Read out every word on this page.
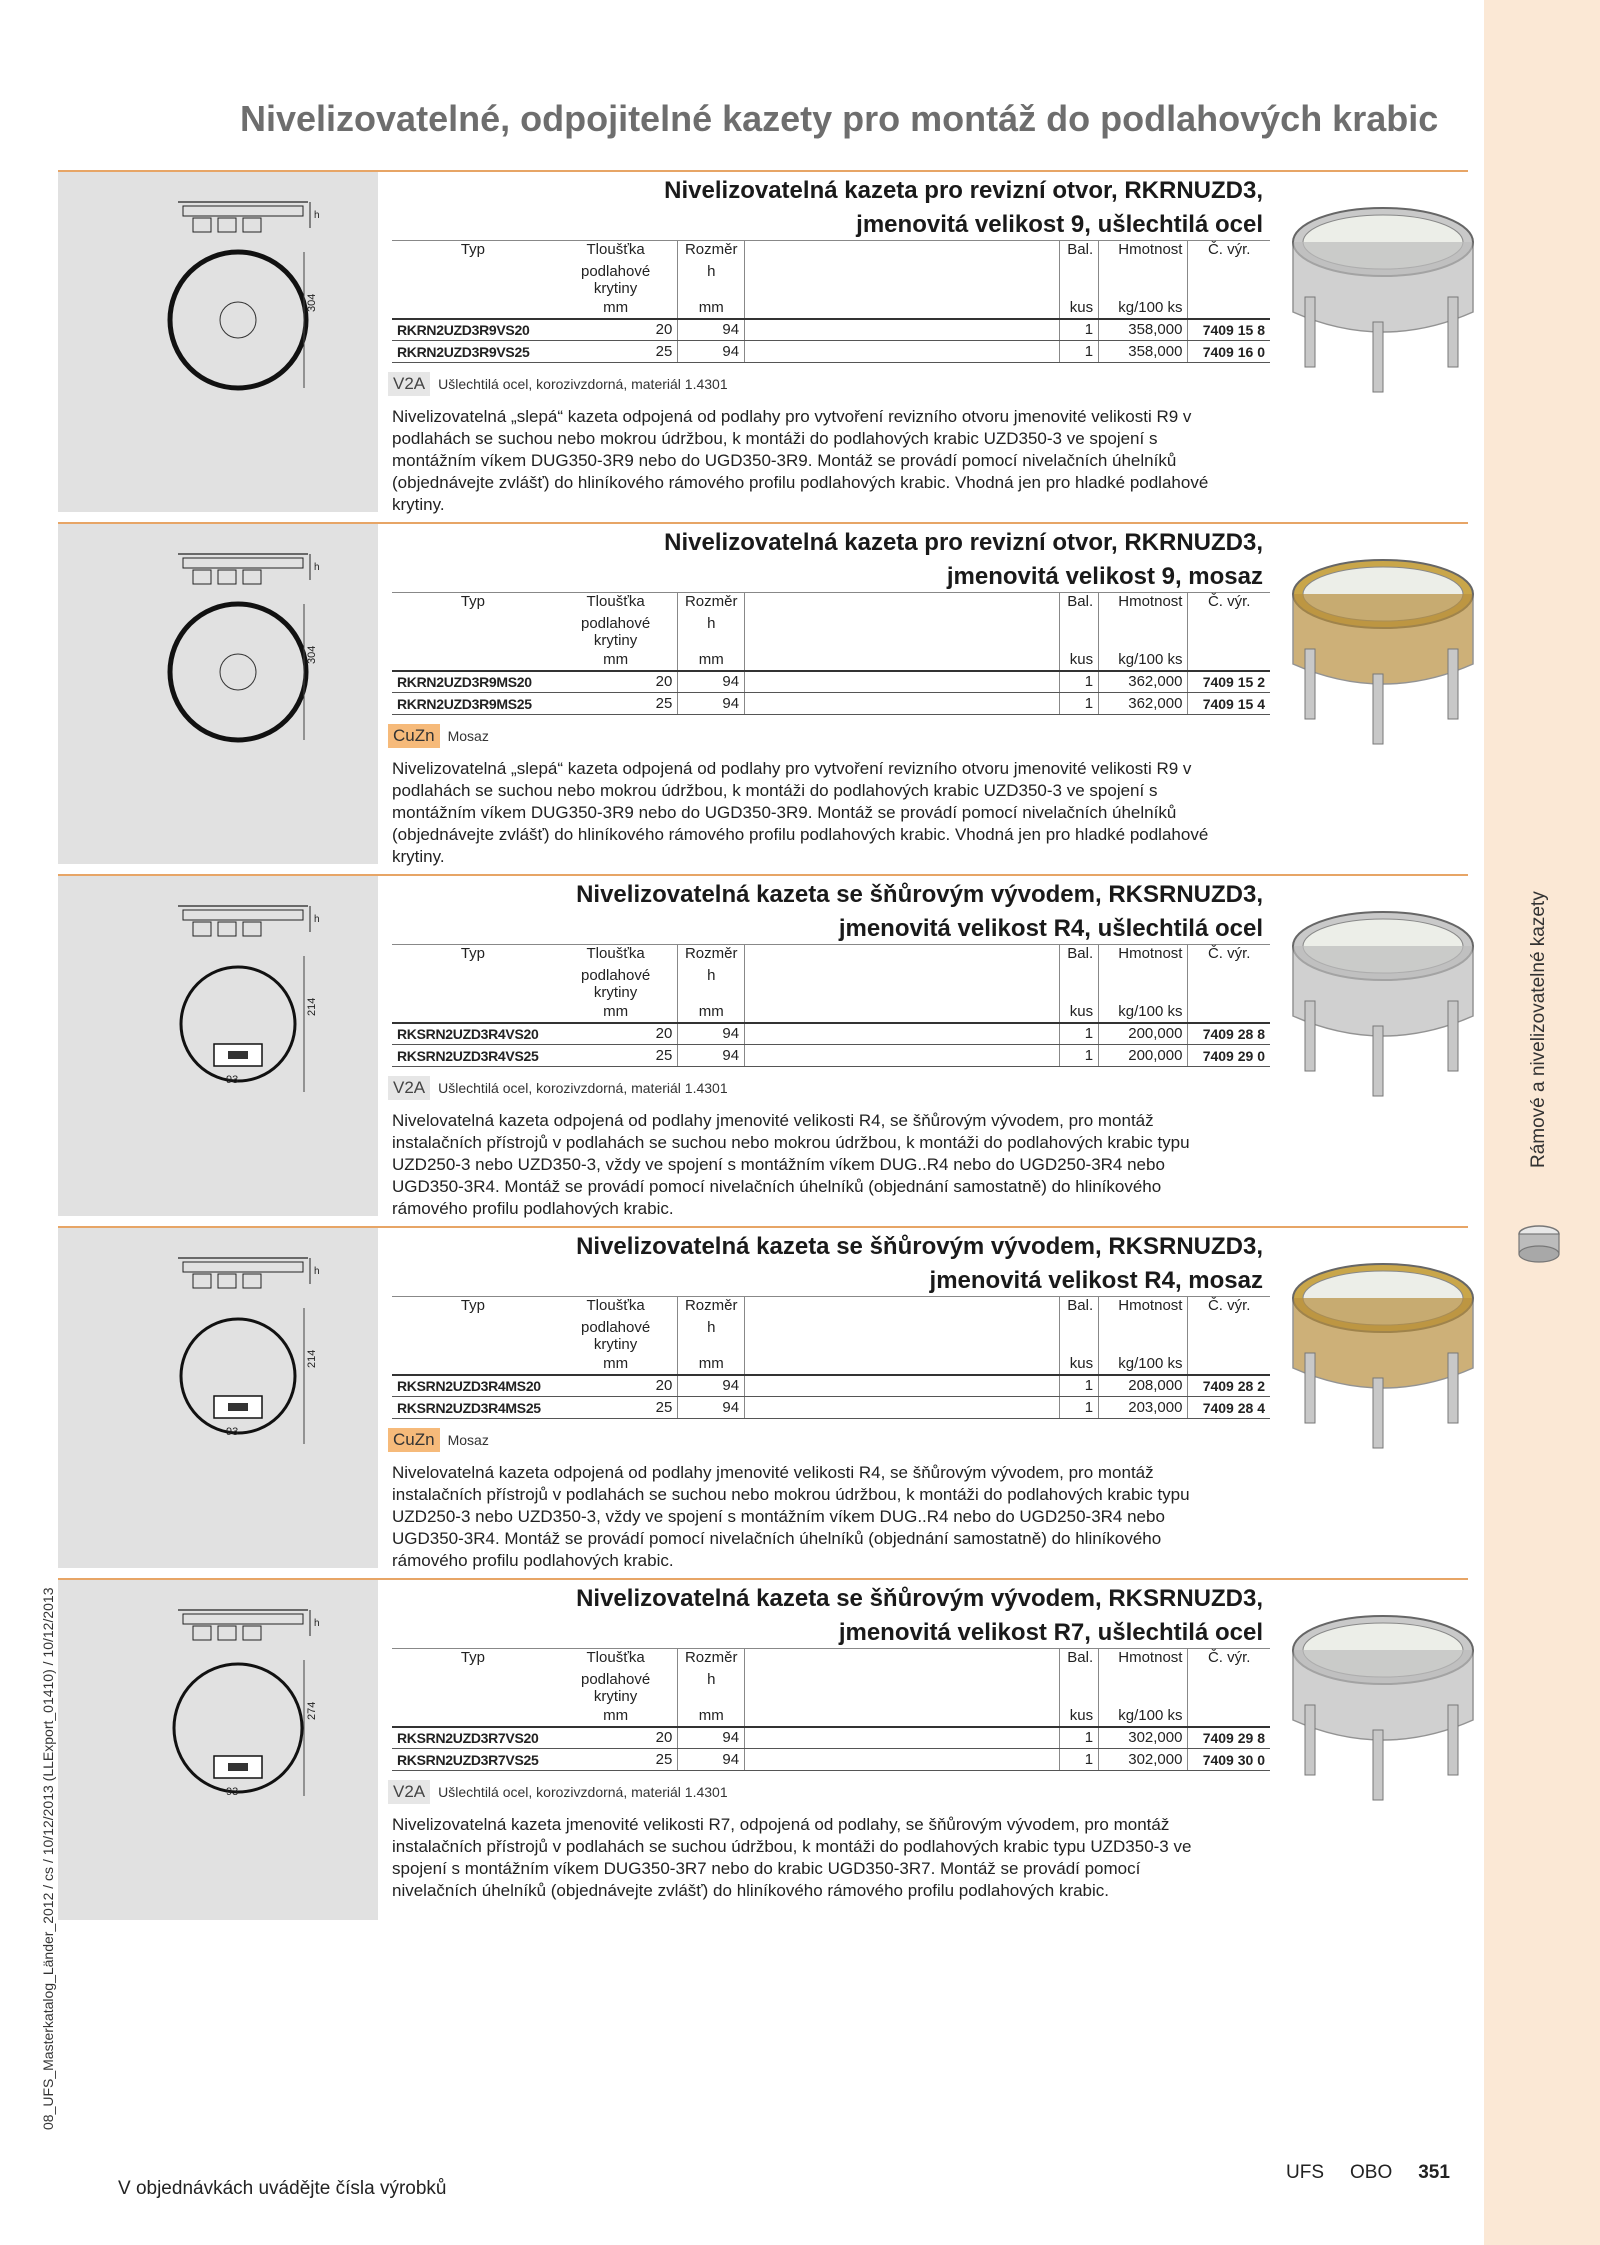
Rámové a nivelizovatelné kazety
08_UFS_Masterkatalog_Länder_2012 / cs / 10/12/2013 (LLExport_01410) / 10/12/2013
Nivelizovatelné, odpojitelné kazety pro montáž do podlahových krabic
h
304
Nivelizovatelná kazeta pro revizní otvor, RKRNUZD3,
jmenovitá velikost 9, ušlechtilá ocel
Typ	Tloušťka	Rozměr		Bal.	Hmotnost	Č. výr.
	podlahové krytiny	h				
	mm	mm		kus	kg/100 ks	
RKRN2UZD3R9VS20	20	94		1	358,000	7409 15 8
RKRN2UZD3R9VS25	25	94		1	358,000	7409 16 0
V2A Ušlechtilá ocel, korozivzdorná, materiál 1.4301
Nivelizovatelná „slepá“ kazeta odpojená od podlahy pro vytvoření revizního otvoru jmenovité velikosti R9 v podlahách se suchou nebo mokrou údržbou, k montáži do podlahových krabic UZD350-3 ve spojení s montážním víkem DUG350-3R9 nebo do UGD350-3R9. Montáž se provádí pomocí nivelačních úhelníků (objednávejte zvlášť) do hliníkového rámového profilu podlahových krabic. Vhodná jen pro hladké podlahové krytiny.
h
304
Nivelizovatelná kazeta pro revizní otvor, RKRNUZD3,
jmenovitá velikost 9, mosaz
Typ	Tloušťka	Rozměr		Bal.	Hmotnost	Č. výr.
	podlahové krytiny	h				
	mm	mm		kus	kg/100 ks	
RKRN2UZD3R9MS20	20	94		1	362,000	7409 15 2
RKRN2UZD3R9MS25	25	94		1	362,000	7409 15 4
CuZn Mosaz
Nivelizovatelná „slepá“ kazeta odpojená od podlahy pro vytvoření revizního otvoru jmenovité velikosti R9 v podlahách se suchou nebo mokrou údržbou, k montáži do podlahových krabic UZD350-3 ve spojení s montážním víkem DUG350-3R9 nebo do UGD350-3R9. Montáž se provádí pomocí nivelačních úhelníků (objednávejte zvlášť) do hliníkového rámového profilu podlahových krabic. Vhodná jen pro hladké podlahové krytiny.
h
214
93
Nivelizovatelná kazeta se šňůrovým vývodem, RKSRNUZD3,
jmenovitá velikost R4, ušlechtilá ocel
Typ	Tloušťka	Rozměr		Bal.	Hmotnost	Č. výr.
	podlahové krytiny	h				
	mm	mm		kus	kg/100 ks	
RKSRN2UZD3R4VS20	20	94		1	200,000	7409 28 8
RKSRN2UZD3R4VS25	25	94		1	200,000	7409 29 0
V2A Ušlechtilá ocel, korozivzdorná, materiál 1.4301
Nivelovatelná kazeta odpojená od podlahy jmenovité velikosti R4, se šňůrovým vývodem, pro montáž instalačních přístrojů v podlahách se suchou nebo mokrou údržbou, k montáži do podlahových krabic typu UZD250-3 nebo UZD350-3, vždy ve spojení s montážním víkem DUG..R4 nebo do UGD250-3R4 nebo UGD350-3R4. Montáž se provádí pomocí nivelačních úhelníků (objednání samostatně) do hliníkového rámového profilu podlahových krabic.
h
214
93
Nivelizovatelná kazeta se šňůrovým vývodem, RKSRNUZD3,
jmenovitá velikost R4, mosaz
Typ	Tloušťka	Rozměr		Bal.	Hmotnost	Č. výr.
	podlahové krytiny	h				
	mm	mm		kus	kg/100 ks	
RKSRN2UZD3R4MS20	20	94		1	208,000	7409 28 2
RKSRN2UZD3R4MS25	25	94		1	203,000	7409 28 4
CuZn Mosaz
Nivelovatelná kazeta odpojená od podlahy jmenovité velikosti R4, se šňůrovým vývodem, pro montáž instalačních přístrojů v podlahách se suchou nebo mokrou údržbou, k montáži do podlahových krabic typu UZD250-3 nebo UZD350-3, vždy ve spojení s montážním víkem DUG..R4 nebo do UGD250-3R4 nebo UGD350-3R4. Montáž se provádí pomocí nivelačních úhelníků (objednání samostatně) do hliníkového rámového profilu podlahových krabic.
h
274
93
Nivelizovatelná kazeta se šňůrovým vývodem, RKSRNUZD3,
jmenovitá velikost R7, ušlechtilá ocel
Typ	Tloušťka	Rozměr		Bal.	Hmotnost	Č. výr.
	podlahové krytiny	h				
	mm	mm		kus	kg/100 ks	
RKSRN2UZD3R7VS20	20	94		1	302,000	7409 29 8
RKSRN2UZD3R7VS25	25	94		1	302,000	7409 30 0
V2A Ušlechtilá ocel, korozivzdorná, materiál 1.4301
Nivelizovatelná kazeta jmenovité velikosti R7, odpojená od podlahy, se šňůrovým vývodem, pro montáž instalačních přístrojů v podlahách se suchou údržbou, k montáži do podlahových krabic typu UZD350-3 ve spojení s montážním víkem DUG350-3R7 nebo do krabic UGD350-3R7. Montáž se provádí pomocí nivelačních úhelníků (objednávejte zvlášť) do hliníkového rámového profilu podlahových krabic.
V objednávkách uvádějte čísla výrobků
UFS OBO 351
